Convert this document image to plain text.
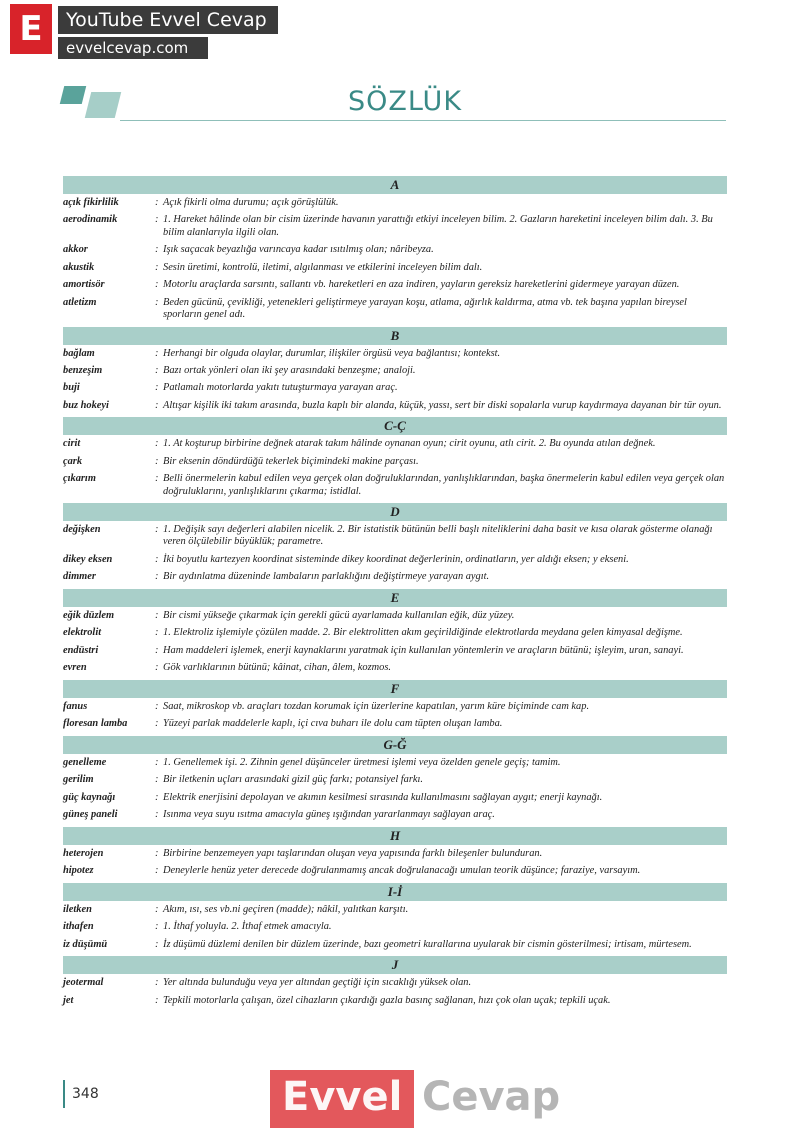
E	YouTube Evvel Cevap
evvelcevap.com
SÖZLÜK
A
açık fikirlilik	: Açık fikirli olma durumu; açık görüşlülük.
aerodinamik	: 1. Hareket hâlinde olan bir cisim üzerinde havanın yarattığı etkiyi inceleyen bilim. 2. Gazların hareketini inceleyen bilim dalı. 3. Bu bilim alanlarıyla ilgili olan.
akkor	: Işık saçacak beyazlığa varıncaya kadar ısıtılmış olan; nâribeyza.
akustik	: Sesin üretimi, kontrolü, iletimi, algılanması ve etkilerini inceleyen bilim dalı.
amortisör	: Motorlu araçlarda sarsıntı, sallantı vb. hareketleri en aza indiren, yayların gereksiz hareketlerini gidermeye yarayan düzen.
atletizm	: Beden gücünü, çevikliği, yetenekleri geliştirmeye yarayan koşu, atlama, ağırlık kaldırma, atma vb. tek başına yapılan bireysel sporların genel adı.
B
bağlam	: Herhangi bir olguda olaylar, durumlar, ilişkiler örgüsü veya bağlantısı; kontekst.
benzeşim	: Bazı ortak yönleri olan iki şey arasındaki benzeşme; analoji.
buji	: Patlamalı motorlarda yakıtı tutuşturmaya yarayan araç.
buz hokeyi	: Altışar kişilik iki takım arasında, buzla kaplı bir alanda, küçük, yassı, sert bir diski sopalarla vurup kaydırmaya dayanan bir tür oyun.
C-Ç
cirit	: 1. At koşturup birbirine değnek atarak takım hâlinde oynanan oyun; cirit oyunu, atlı cirit. 2. Bu oyunda atılan değnek.
çark	: Bir eksenin döndürdüğü tekerlek biçimindeki makine parçası.
çıkarım	: Belli önermelerin kabul edilen veya gerçek olan doğruluklarından, yanlışlıklarından, başka önermelerin kabul edilen veya gerçek olan doğruluklarını, yanlışlıklarını çıkarma; istidlal.
D
değişken	: 1. Değişik sayı değerleri alabilen nicelik. 2. Bir istatistik bütünün belli başlı niteliklerini daha basit ve kısa olarak gösterme olanağı veren ölçülebilir büyüklük; parametre.
dikey eksen	: İki boyutlu kartezyen koordinat sisteminde dikey koordinat değerlerinin, ordinatların, yer aldığı eksen; y ekseni.
dimmer	: Bir aydınlatma düzeninde lambaların parlaklığını değiştirmeye yarayan aygıt.
E
eğik düzlem	: Bir cismi yükseğe çıkarmak için gerekli gücü ayarlamada kullanılan eğik, düz yüzey.
elektrolit	: 1. Elektroliz işlemiyle çözülen madde. 2. Bir elektrolitten akım geçirildiğinde elektrotlarda meydana gelen kimyasal değişme.
endüstri	: Ham maddeleri işlemek, enerji kaynaklarını yaratmak için kullanılan yöntemlerin ve araçların bütünü; işleyim, uran, sanayi.
evren	: Gök varlıklarının bütünü; kâinat, cihan, âlem, kozmos.
F
fanus	: Saat, mikroskop vb. araçları tozdan korumak için üzerlerine kapatılan, yarım küre biçiminde cam kap.
floresan lamba	: Yüzeyi parlak maddelerle kaplı, içi cıva buharı ile dolu cam tüpten oluşan lamba.
G-Ğ
genelleme	: 1. Genellemek işi. 2. Zihnin genel düşünceler üretmesi işlemi veya özelden genele geçiş; tamim.
gerilim	: Bir iletkenin uçları arasındaki gizil güç farkı; potansiyel farkı.
güç kaynağı	: Elektrik enerjisini depolayan ve akımın kesilmesi sırasında kullanılmasını sağlayan aygıt; enerji kaynağı.
güneş paneli	: Isınma veya suyu ısıtma amacıyla güneş ışığından yararlanmayı sağlayan araç.
H
heterojen	: Birbirine benzemeyen yapı taşlarından oluşan veya yapısında farklı bileşenler bulunduran.
hipotez	: Deneylerle henüz yeter derecede doğrulanmamış ancak doğrulanacağı umulan teorik düşünce; faraziye, varsayım.
I-İ
iletken	: Akım, ısı, ses vb.ni geçiren (madde); nâkil, yalıtkan karşıtı.
ithafen	: 1. İthaf yoluyla. 2. İthaf etmek amacıyla.
iz düşümü	: İz düşümü düzlemi denilen bir düzlem üzerinde, bazı geometri kurallarına uyularak bir cismin gösterilmesi; irtisam, mürtesem.
J
jeotermal	: Yer altında bulunduğu veya yer altından geçtiği için sıcaklığı yüksek olan.
jet	: Tepkili motorlarla çalışan, özel cihazların çıkardığı gazla basınç sağlanan, hızı çok olan uçak; tepkili uçak.
348	Evvel Cevap
